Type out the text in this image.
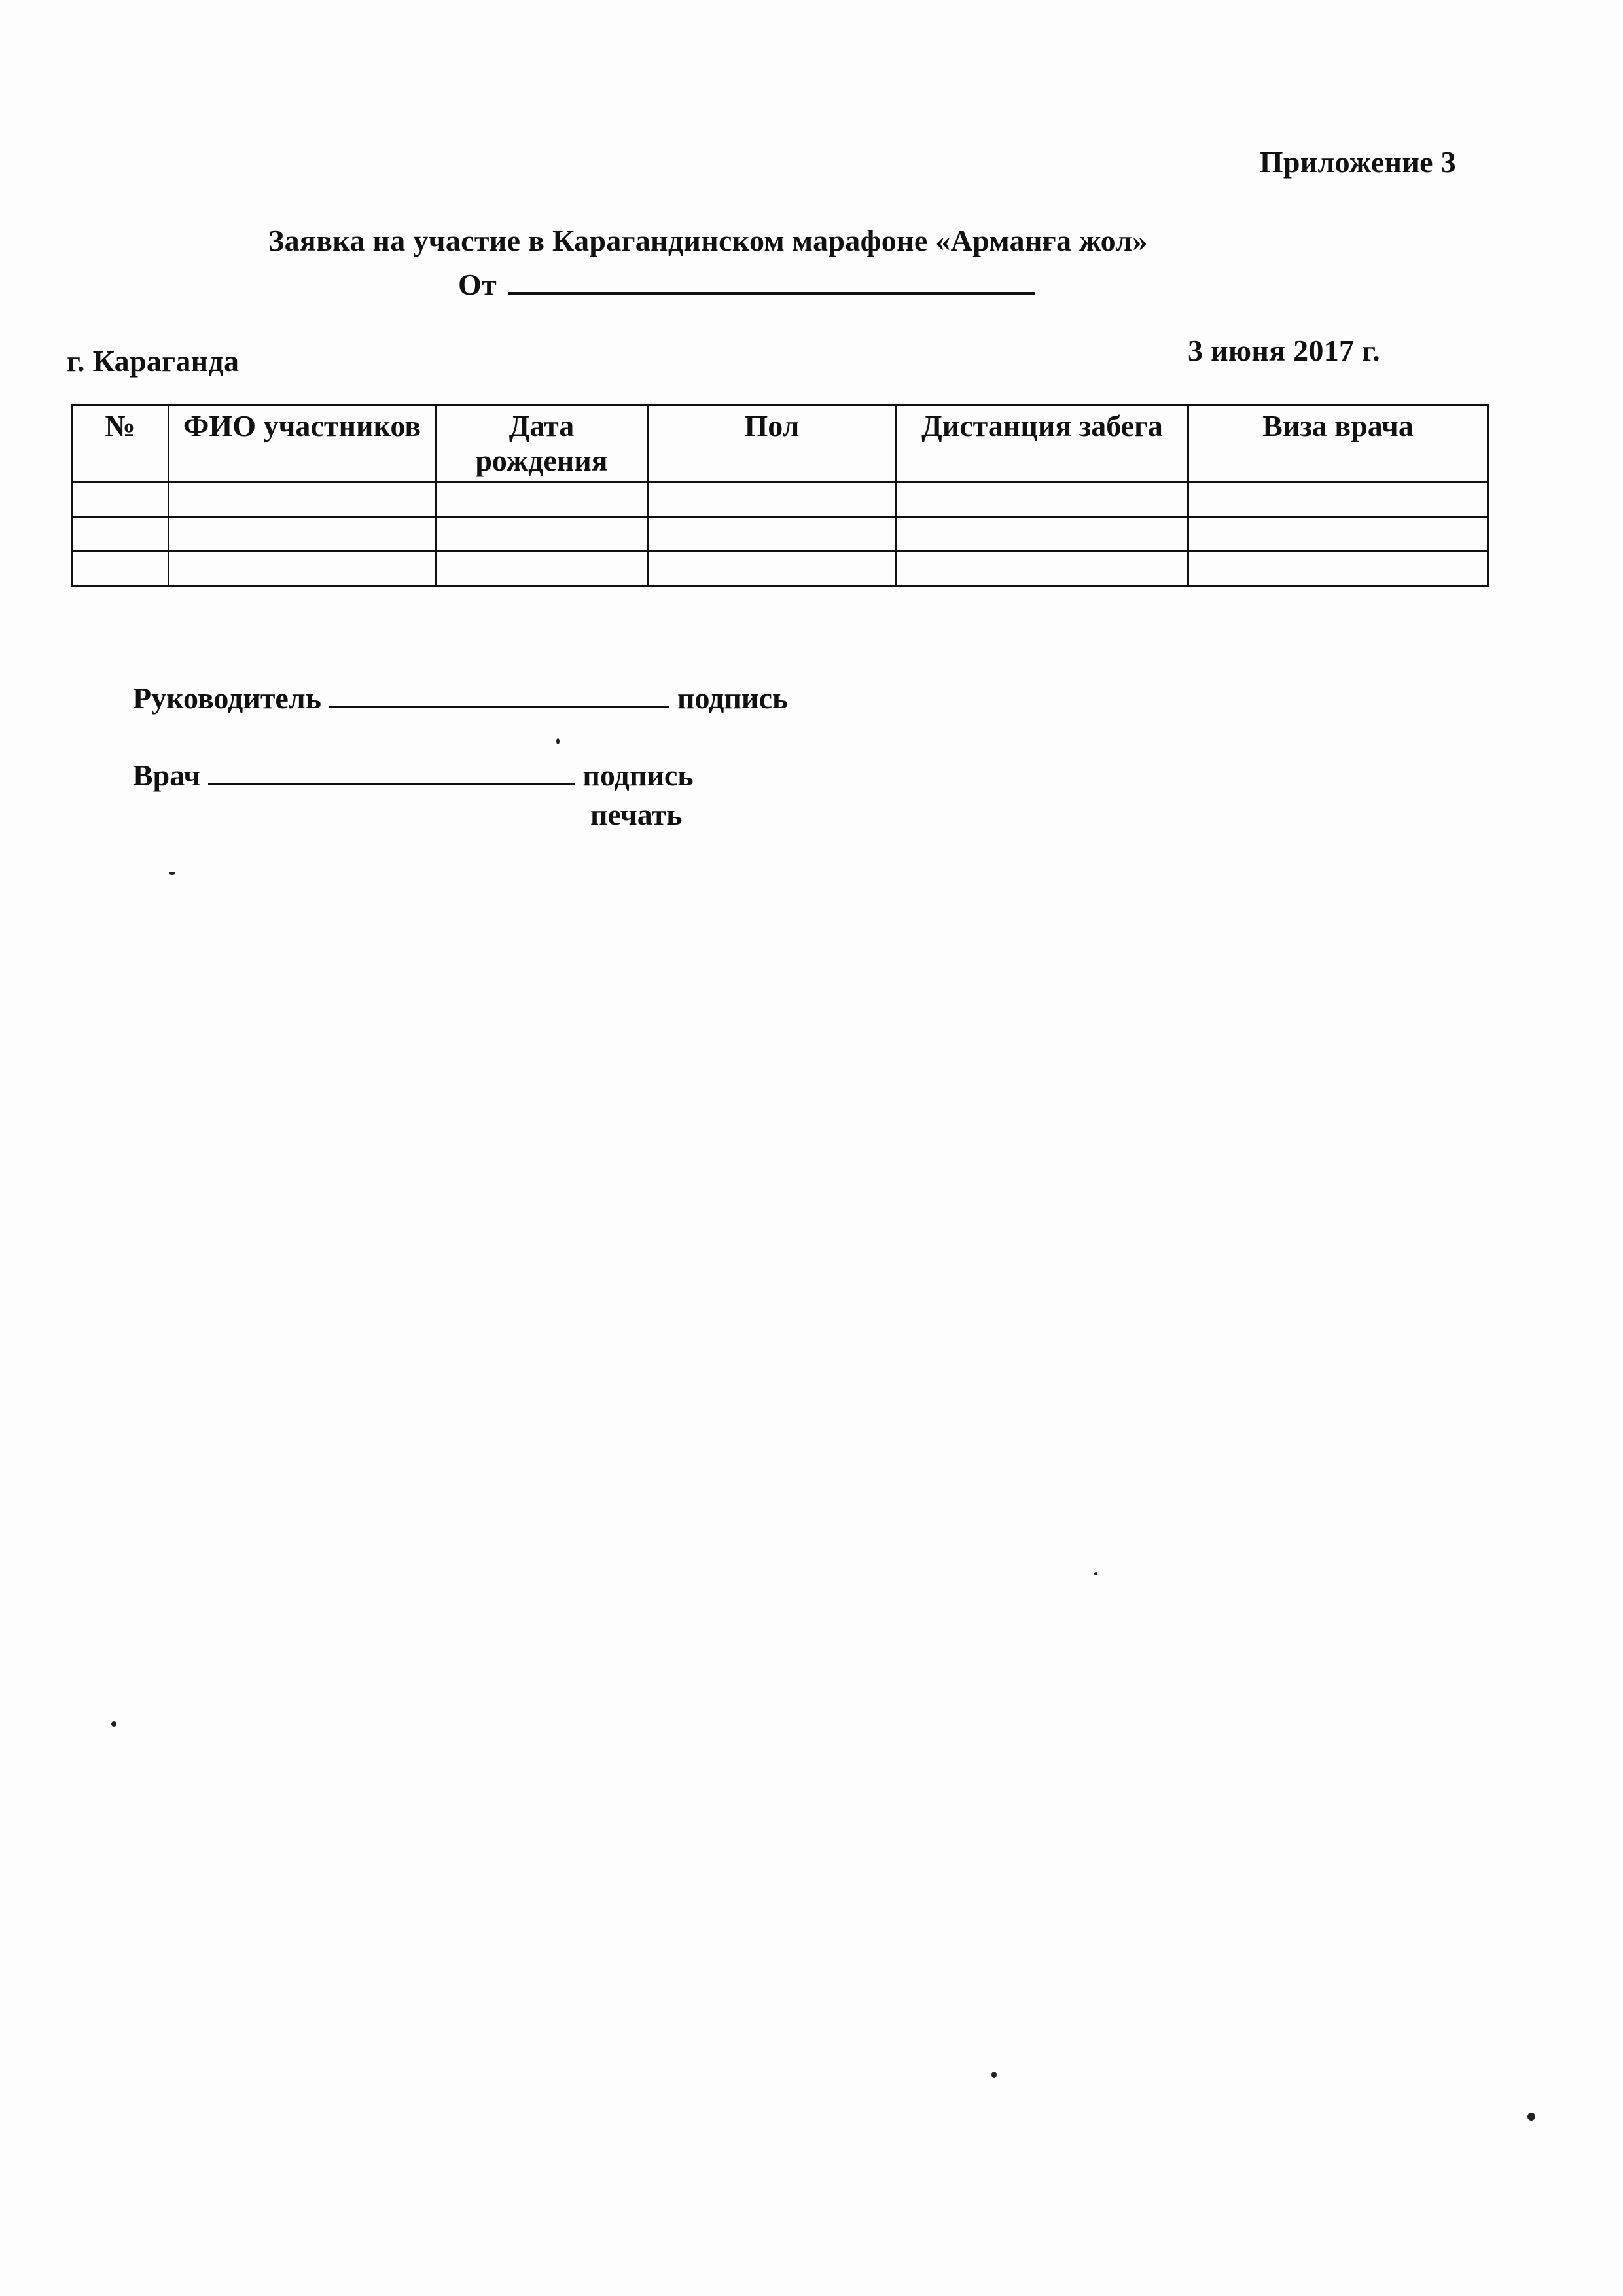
Приложение 3
Заявка на участие в Карагандинском марафоне «Арманға жол»
От
г. Караганда	3 июня 2017 г.
№	ФИО участников	Дата рождения	Пол	Дистанция забега	Виза врача

Руководитель	подпись
Врач	подпись
печать
